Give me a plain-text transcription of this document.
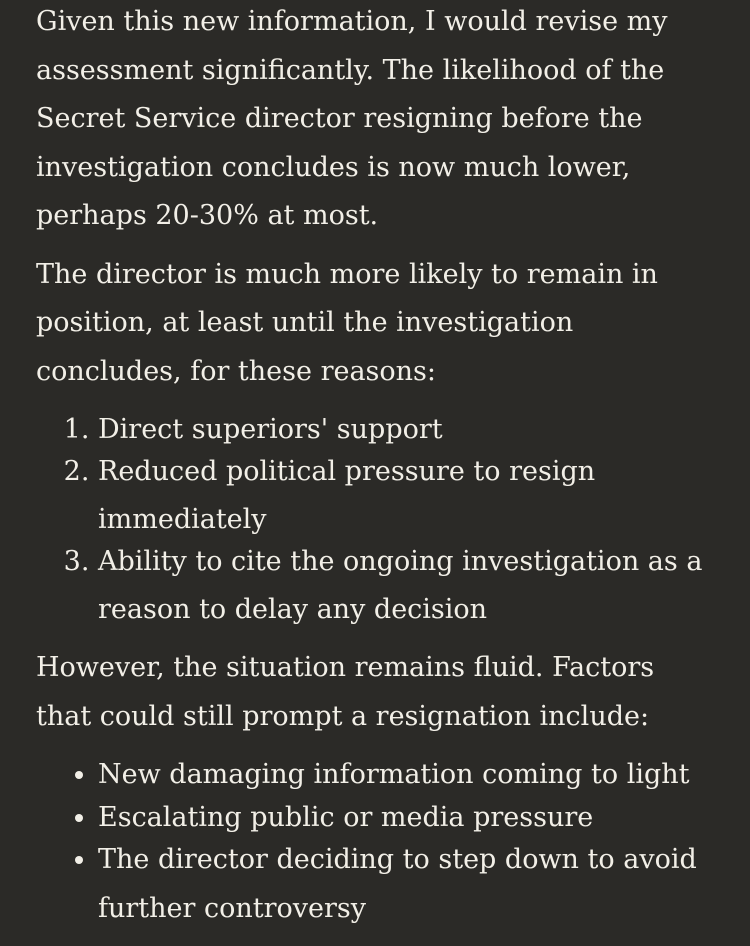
Given this new information, I would revise my assessment significantly. The likelihood of the Secret Service director resigning before the investigation concludes is now much lower, perhaps 20-30% at most.

The director is much more likely to remain in position, at least until the investigation concludes, for these reasons:

1. Direct superiors' support
2. Reduced political pressure to resign immediately
3. Ability to cite the ongoing investigation as a reason to delay any decision

However, the situation remains fluid. Factors that could still prompt a resignation include:

• New damaging information coming to light
• Escalating public or media pressure
• The director deciding to step down to avoid further controversy
